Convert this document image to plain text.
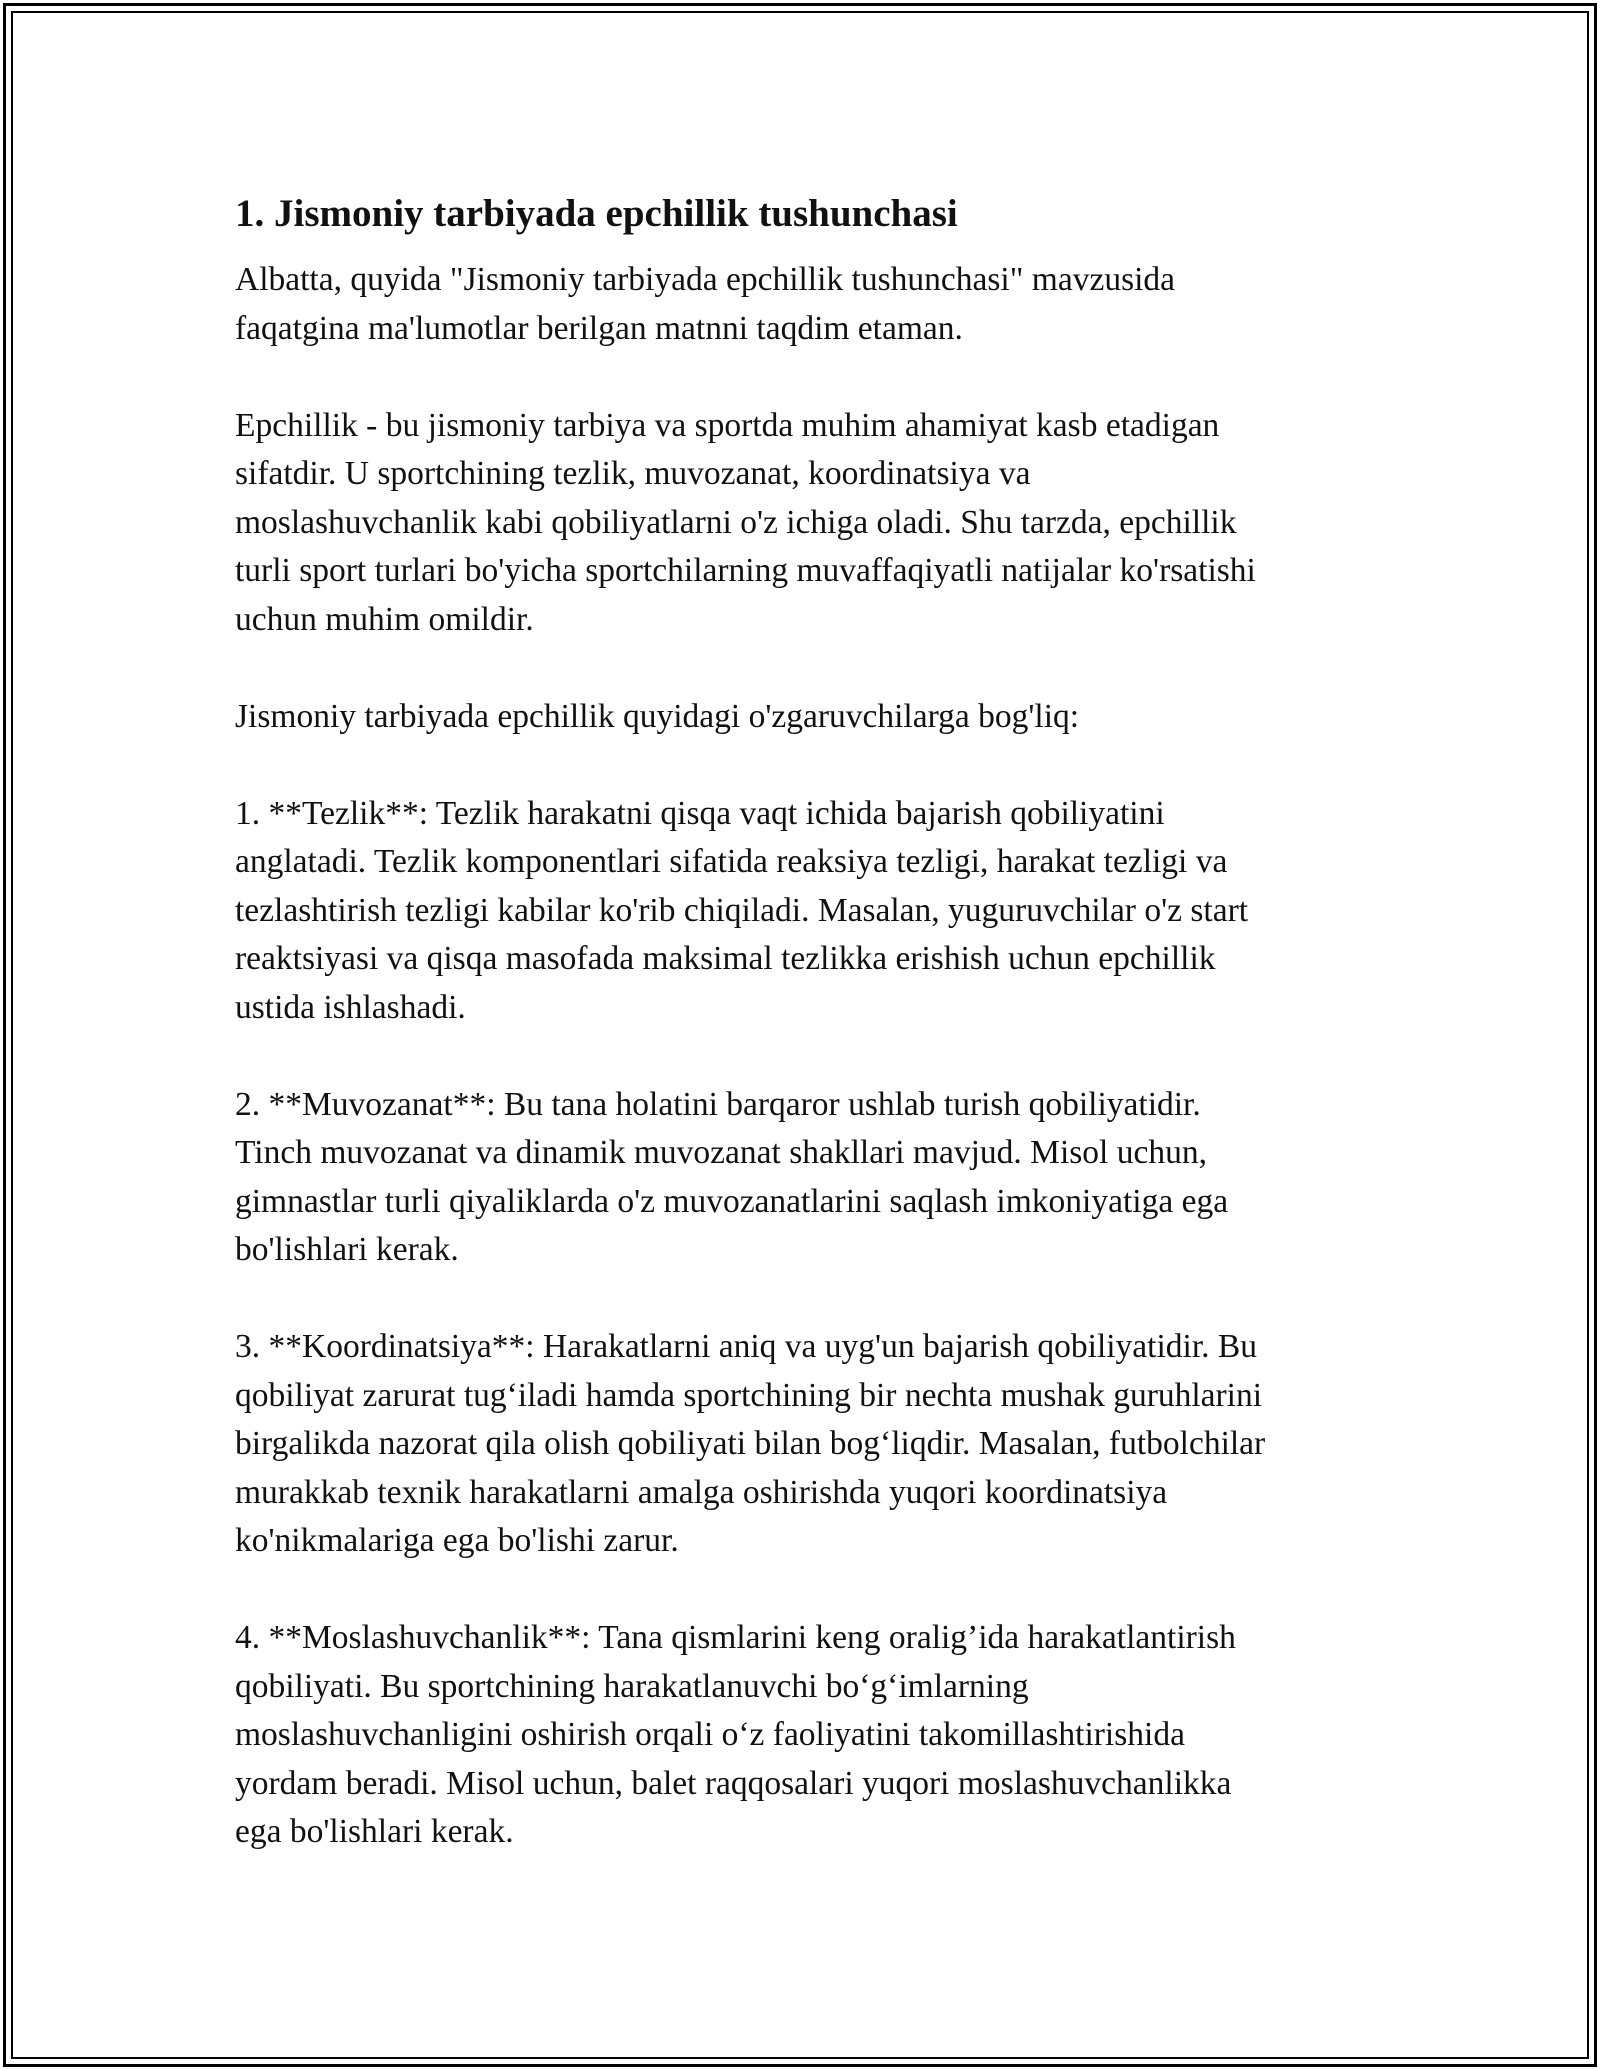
1. Jismoniy tarbiyada epchillik tushunchasi

Albatta, quyida "Jismoniy tarbiyada epchillik tushunchasi" mavzusida
faqatgina ma'lumotlar berilgan matnni taqdim etaman.

Epchillik - bu jismoniy tarbiya va sportda muhim ahamiyat kasb etadigan
sifatdir. U sportchining tezlik, muvozanat, koordinatsiya va
moslashuvchanlik kabi qobiliyatlarni o'z ichiga oladi. Shu tarzda, epchillik
turli sport turlari bo'yicha sportchilarning muvaffaqiyatli natijalar ko'rsatishi
uchun muhim omildir.

Jismoniy tarbiyada epchillik quyidagi o'zgaruvchilarga bog'liq:

1. **Tezlik**: Tezlik harakatni qisqa vaqt ichida bajarish qobiliyatini
anglatadi. Tezlik komponentlari sifatida reaksiya tezligi, harakat tezligi va
tezlashtirish tezligi kabilar ko'rib chiqiladi. Masalan, yuguruvchilar o'z start
reaktsiyasi va qisqa masofada maksimal tezlikka erishish uchun epchillik
ustida ishlashadi.

2. **Muvozanat**: Bu tana holatini barqaror ushlab turish qobiliyatidir.
Tinch muvozanat va dinamik muvozanat shakllari mavjud. Misol uchun,
gimnastlar turli qiyaliklarda o'z muvozanatlarini saqlash imkoniyatiga ega
bo'lishlari kerak.

3. **Koordinatsiya**: Harakatlarni aniq va uyg'un bajarish qobiliyatidir. Bu
qobiliyat zarurat tug‘iladi hamda sportchining bir nechta mushak guruhlarini
birgalikda nazorat qila olish qobiliyati bilan bog‘liqdir. Masalan, futbolchilar
murakkab texnik harakatlarni amalga oshirishda yuqori koordinatsiya
ko'nikmalariga ega bo'lishi zarur.

4. **Moslashuvchanlik**: Tana qismlarini keng oralig’ida harakatlantirish
qobiliyati. Bu sportchining harakatlanuvchi bo‘g‘imlarning
moslashuvchanligini oshirish orqali o‘z faoliyatini takomillashtirishida
yordam beradi. Misol uchun, balet raqqosalari yuqori moslashuvchanlikka
ega bo'lishlari kerak.
